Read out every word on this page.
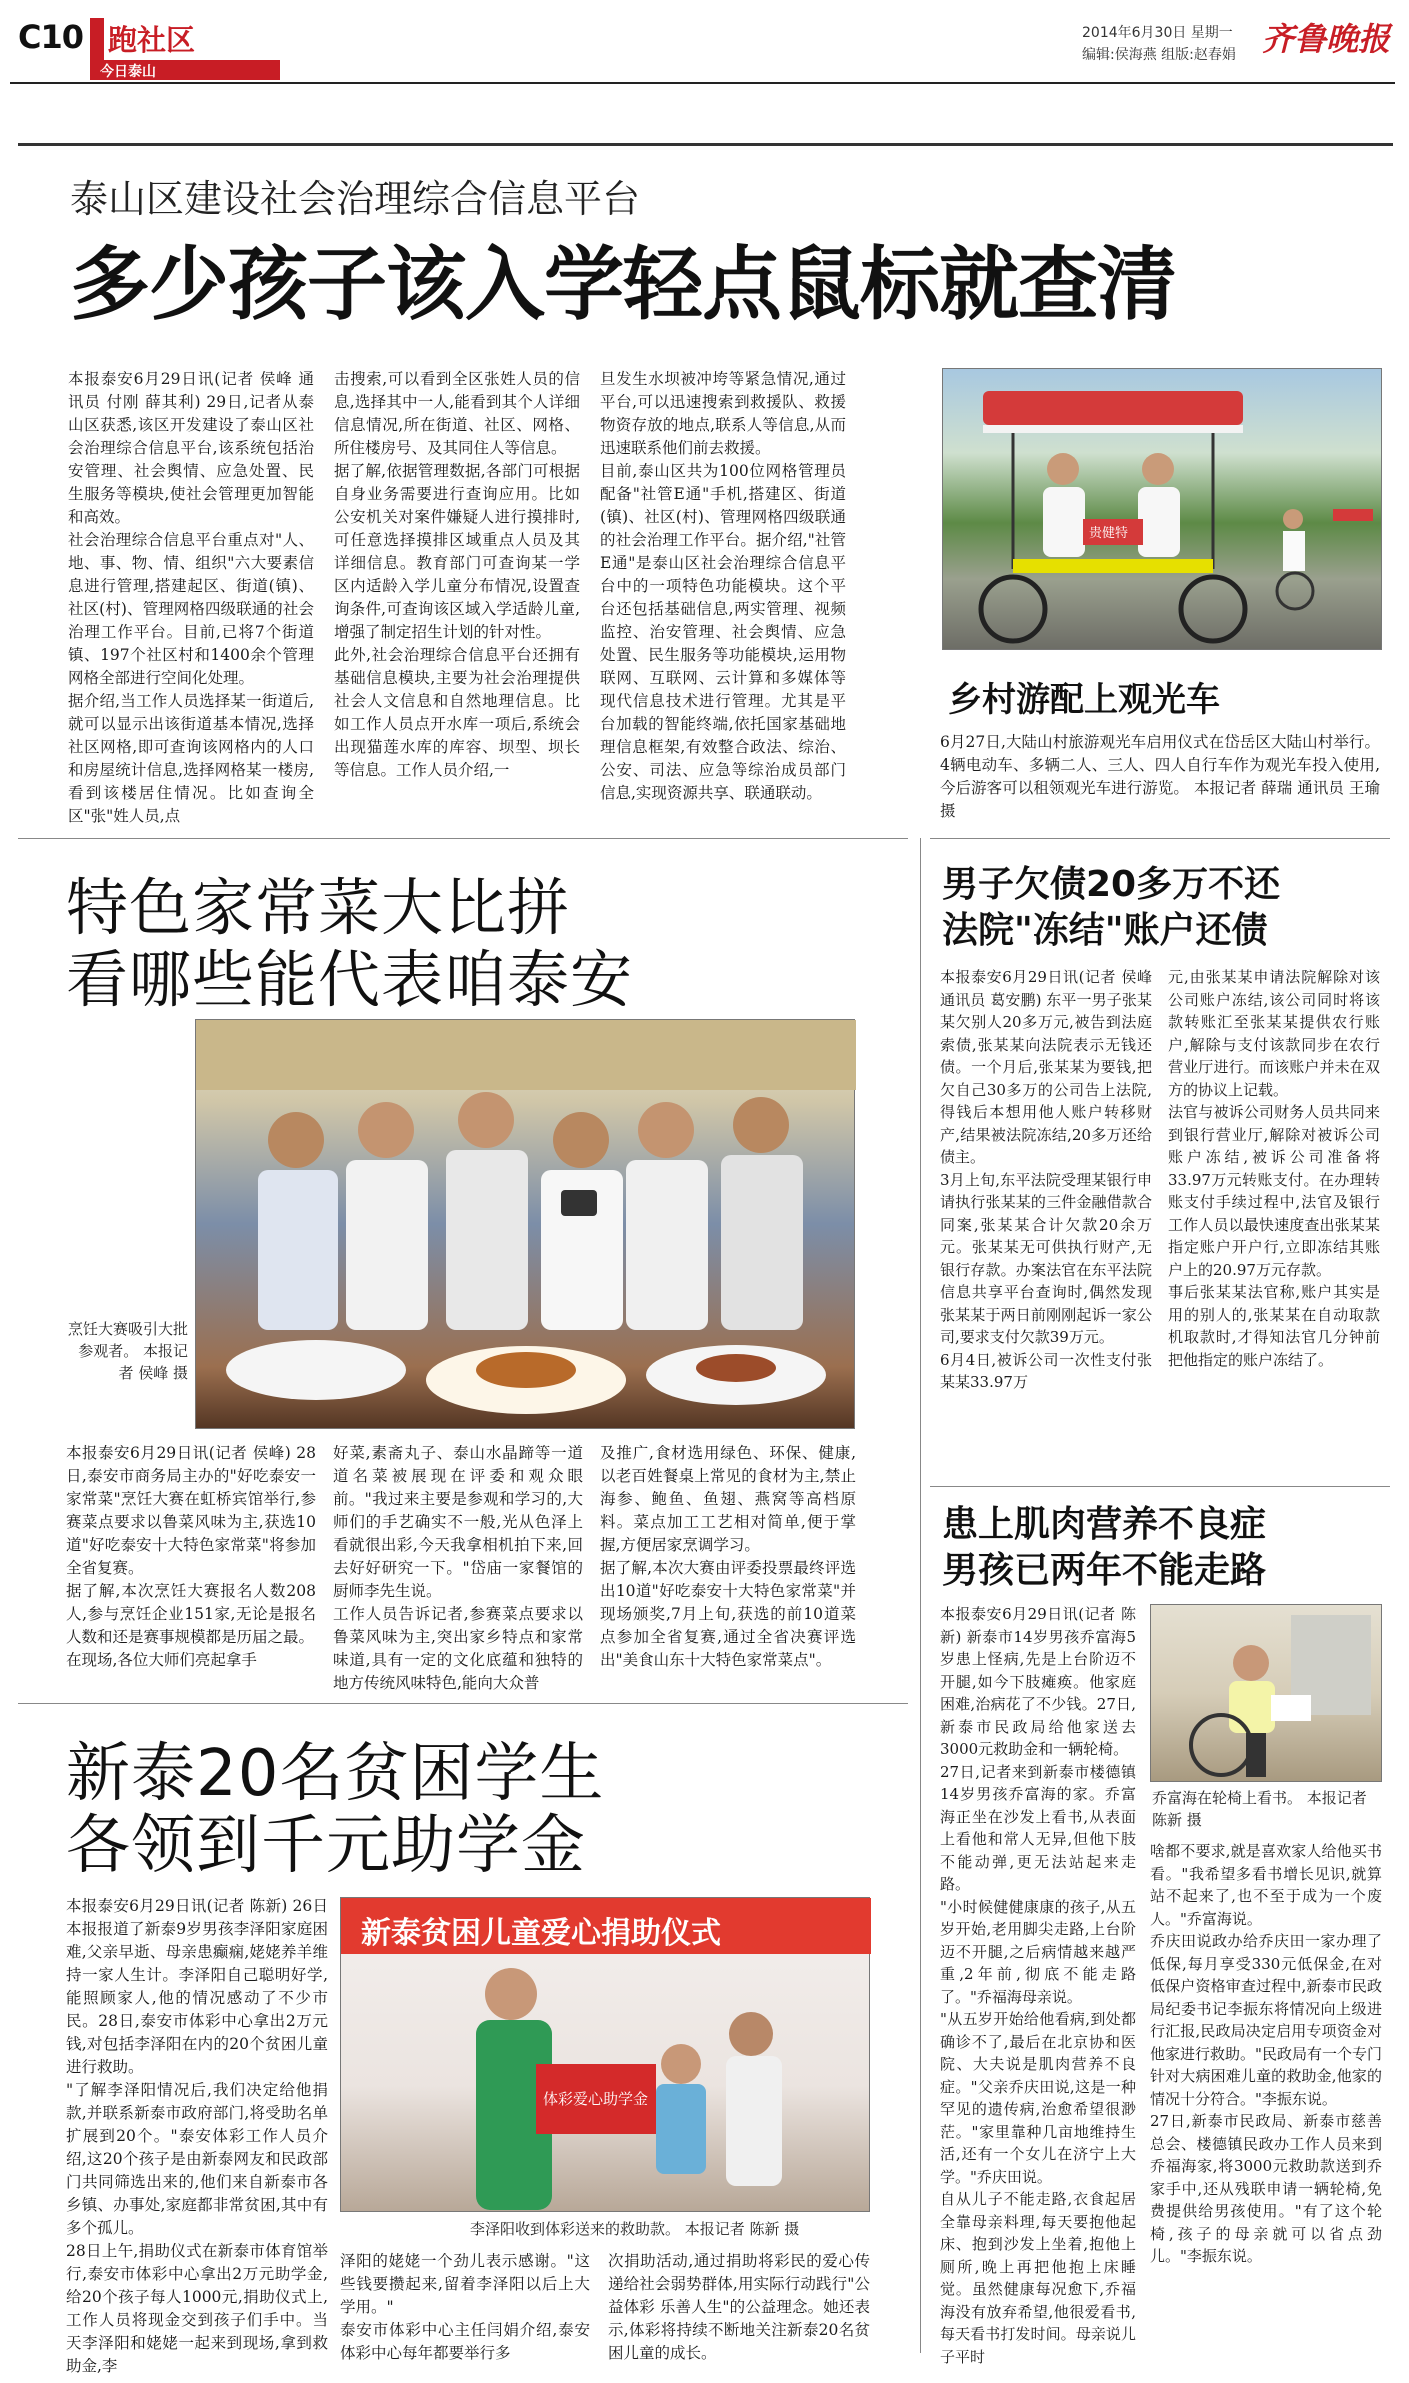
C10 跑社区
今日泰山
2014年6月30日 星期一
编辑:侯海燕 组版:赵春娟 齐鲁晚报
泰山区建设社会治理综合信息平台
多少孩子该入学轻点鼠标就查清
本报泰安6月29日讯(记者 侯峰 通讯员 付刚 薛其利) 29日,记者从泰山区获悉,该区开发建设了泰山区社会治理综合信息平台,该系统包括治安管理、社会舆情、应急处置、民生服务等模块,使社会管理更加智能和高效。
社会治理综合信息平台重点对"人、地、事、物、情、组织"六大要素信息进行管理,搭建起区、街道(镇)、社区(村)、管理网格四级联通的社会治理工作平台。目前,已将7个街道镇、197个社区村和1400余个管理网格全部进行空间化处理。
据介绍,当工作人员选择某一街道后,就可以显示出该街道基本情况,选择社区网格,即可查询该网格内的人口和房屋统计信息,选择网格某一楼房,看到该楼居住情况。比如查询全区"张"姓人员,点
击搜索,可以看到全区张姓人员的信息,选择其中一人,能看到其个人详细信息情况,所在街道、社区、网格、所住楼房号、及其同住人等信息。
据了解,依据管理数据,各部门可根据自身业务需要进行查询应用。比如公安机关对案件嫌疑人进行摸排时,可任意选择摸排区域重点人员及其详细信息。教育部门可查询某一学区内适龄入学儿童分布情况,设置查询条件,可查询该区域入学适龄儿童,增强了制定招生计划的针对性。
此外,社会治理综合信息平台还拥有基础信息模块,主要为社会治理提供社会人文信息和自然地理信息。比如工作人员点开水库一项后,系统会出现猫莲水库的库容、坝型、坝长等信息。工作人员介绍,一
旦发生水坝被冲垮等紧急情况,通过平台,可以迅速搜索到救援队、救援物资存放的地点,联系人等信息,从而迅速联系他们前去救援。
目前,泰山区共为100位网格管理员配备"社管E通"手机,搭建区、街道(镇)、社区(村)、管理网格四级联通的社会治理工作平台。据介绍,"社管E通"是泰山区社会治理综合信息平台中的一项特色功能模块。这个平台还包括基础信息,两实管理、视频监控、治安管理、社会舆情、应急处置、民生服务等功能模块,运用物联网、互联网、云计算和多媒体等现代信息技术进行管理。尤其是平台加载的智能终端,依托国家基础地理信息框架,有效整合政法、综治、公安、司法、应急等综治成员部门信息,实现资源共享、联通联动。
贵健特
乡村游配上观光车
6月27日,大陆山村旅游观光车启用仪式在岱岳区大陆山村举行。4辆电动车、多辆二人、三人、四人自行车作为观光车投入使用,今后游客可以租领观光车进行游览。 本报记者 薛瑞 通讯员 王瑜 摄
特色家常菜大比拼
看哪些能代表咱泰安
烹饪大赛吸引大批参观者。 本报记者 侯峰 摄
本报泰安6月29日讯(记者 侯峰) 28日,泰安市商务局主办的"好吃泰安一家常菜"烹饪大赛在虹桥宾馆举行,参赛菜点要求以鲁菜风味为主,获选10道"好吃泰安十大特色家常菜"将参加全省复赛。
据了解,本次烹饪大赛报名人数208人,参与烹饪企业151家,无论是报名人数和还是赛事规模都是历届之最。
在现场,各位大师们亮起拿手
好菜,素斋丸子、泰山水晶蹄等一道道名菜被展现在评委和观众眼前。"我过来主要是参观和学习的,大师们的手艺确实不一般,光从色泽上看就很出彩,今天我拿相机拍下来,回去好好研究一下。"岱庙一家餐馆的厨师李先生说。
工作人员告诉记者,参赛菜点要求以鲁菜风味为主,突出家乡特点和家常味道,具有一定的文化底蕴和独特的地方传统风味特色,能向大众普
及推广,食材选用绿色、环保、健康,以老百姓餐桌上常见的食材为主,禁止海参、鲍鱼、鱼翅、燕窝等高档原料。菜点加工工艺相对简单,便于掌握,方便居家烹调学习。
据了解,本次大赛由评委投票最终评选出10道"好吃泰安十大特色家常菜"并现场颁奖,7月上旬,获选的前10道菜点参加全省复赛,通过全省决赛评选出"美食山东十大特色家常菜点"。
男子欠债20多万不还
法院"冻结"账户还债
本报泰安6月29日讯(记者 侯峰 通讯员 葛安鹏) 东平一男子张某某欠别人20多万元,被告到法庭索债,张某某向法院表示无钱还债。一个月后,张某某为要钱,把欠自己30多万的公司告上法院,得钱后本想用他人账户转移财产,结果被法院冻结,20多万还给债主。
3月上旬,东平法院受理某银行申请执行张某某的三件金融借款合同案,张某某合计欠款20余万元。张某某无可供执行财产,无银行存款。办案法官在东平法院信息共享平台查询时,偶然发现张某某于两日前刚刚起诉一家公司,要求支付欠款39万元。
6月4日,被诉公司一次性支付张某某33.97万
元,由张某某申请法院解除对该公司账户冻结,该公司同时将该款转账汇至张某某提供农行账户,解除与支付该款同步在农行营业厅进行。而该账户并未在双方的协议上记载。
法官与被诉公司财务人员共同来到银行营业厅,解除对被诉公司账户冻结,被诉公司准备将33.97万元转账支付。在办理转账支付手续过程中,法官及银行工作人员以最快速度查出张某某指定账户开户行,立即冻结其账户上的20.97万元存款。
事后张某某法官称,账户其实是用的别人的,张某某在自动取款机取款时,才得知法官几分钟前把他指定的账户冻结了。
患上肌肉营养不良症
男孩已两年不能走路
乔富海在轮椅上看书。 本报记者 陈新 摄
本报泰安6月29日讯(记者 陈新) 新泰市14岁男孩乔富海5岁患上怪病,先是上台阶迈不开腿,如今下肢瘫痪。他家庭困难,治病花了不少钱。27日,新泰市民政局给他家送去3000元救助金和一辆轮椅。
27日,记者来到新泰市楼德镇14岁男孩乔富海的家。乔富海正坐在沙发上看书,从表面上看他和常人无异,但他下肢不能动弹,更无法站起来走路。
"小时候健健康康的孩子,从五岁开始,老用脚尖走路,上台阶迈不开腿,之后病情越来越严重,2年前,彻底不能走路了。"乔福海母亲说。
"从五岁开始给他看病,到处都确诊不了,最后在北京协和医院、大夫说是肌肉营养不良症。"父亲乔庆田说,这是一种罕见的遗传病,治愈希望很渺茫。"家里靠种几亩地维持生活,还有一个女儿在济宁上大学。"乔庆田说。
自从儿子不能走路,衣食起居全靠母亲料理,每天要抱他起床、抱到沙发上坐着,抱他上厕所,晚上再把他抱上床睡觉。虽然健康每况愈下,乔福海没有放弃希望,他很爱看书,每天看书打发时间。母亲说儿子平时
啥都不要求,就是喜欢家人给他买书看。"我希望多看书增长见识,就算站不起来了,也不至于成为一个废人。"乔富海说。
乔庆田说政办给乔庆田一家办理了低保,每月享受330元低保金,在对低保户资格审查过程中,新泰市民政局纪委书记李振东将情况向上级进行汇报,民政局决定启用专项资金对他家进行救助。"民政局有一个专门针对大病困难儿童的救助金,他家的情况十分符合。"李振东说。
27日,新泰市民政局、新泰市慈善总会、楼德镇民政办工作人员来到乔福海家,将3000元救助款送到乔家手中,还从残联申请一辆轮椅,免费提供给男孩使用。"有了这个轮椅,孩子的母亲就可以省点劲儿。"李振东说。
新泰20名贫困学生
各领到千元助学金
新泰贫困儿童爱心捐助仪式
体彩爱心助学金
李泽阳收到体彩送来的救助款。 本报记者 陈新 摄
本报泰安6月29日讯(记者 陈新) 26日本报报道了新泰9岁男孩李泽阳家庭困难,父亲早逝、母亲患癫痫,姥姥养羊维持一家人生计。李泽阳自己聪明好学,能照顾家人,他的情况感动了不少市民。28日,泰安市体彩中心拿出2万元钱,对包括李泽阳在内的20个贫困儿童进行救助。
"了解李泽阳情况后,我们决定给他捐款,并联系新泰市政府部门,将受助名单扩展到20个。"泰安体彩工作人员介绍,这20个孩子是由新泰网友和民政部门共同筛选出来的,他们来自新泰市各乡镇、办事处,家庭都非常贫困,其中有多个孤儿。
28日上午,捐助仪式在新泰市体育馆举行,泰安市体彩中心拿出2万元助学金,给20个孩子每人1000元,捐助仪式上,工作人员将现金交到孩子们手中。当天李泽阳和姥姥一起来到现场,拿到救助金,李
泽阳的姥姥一个劲儿表示感谢。"这些钱要攒起来,留着李泽阳以后上大学用。"
泰安市体彩中心主任闫娟介绍,泰安体彩中心每年都要举行多
次捐助活动,通过捐助将彩民的爱心传递给社会弱势群体,用实际行动践行"公益体彩 乐善人生"的公益理念。她还表示,体彩将持续不断地关注新泰20名贫困儿童的成长。
